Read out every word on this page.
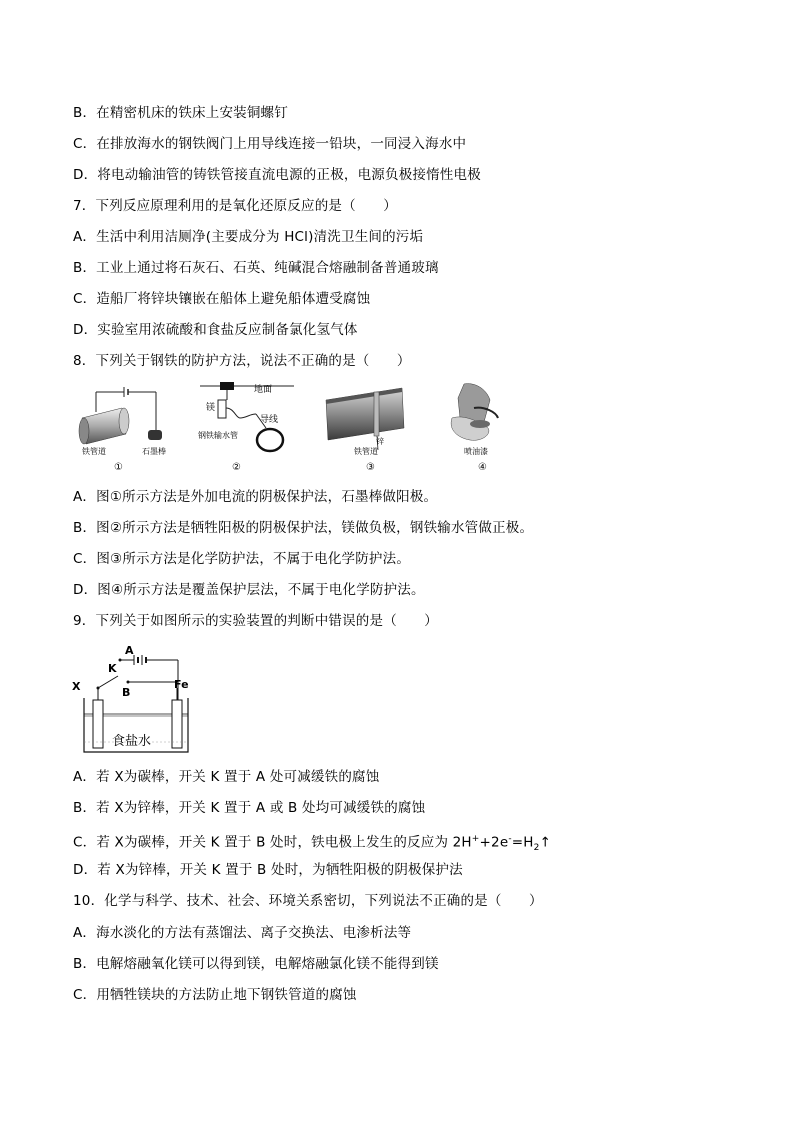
B．在精密机床的铁床上安装铜螺钉
C．在排放海水的钢铁阀门上用导线连接一铅块，一同浸入海水中
D．将电动输油管的铸铁管接直流电源的正极，电源负极接惰性电极
7．下列反应原理利用的是氧化还原反应的是（　　）
A．生活中利用洁厕净(主要成分为 HCl)清洗卫生间的污垢
B．工业上通过将石灰石、石英、纯碱混合熔融制备普通玻璃
C．造船厂将锌块镶嵌在船体上避免船体遭受腐蚀
D．实验室用浓硫酸和食盐反应制备氯化氢气体
8．下列关于钢铁的防护方法，说法不正确的是（　　）
铁管道	石墨棒
①
地面
镁
导线
钢铁输水管
②
铁管道
锌
③
喷油漆
④
A．图①所示方法是外加电流的阴极保护法，石墨棒做阳极。
B．图②所示方法是牺牲阳极的阴极保护法，镁做负极，钢铁输水管做正极。
C．图③所示方法是化学防护法，不属于电化学防护法。
D．图④所示方法是覆盖保护层法，不属于电化学防护法。
9．下列关于如图所示的实验装置的判断中错误的是（　　）
A
K
B
X	Fe
食盐水
A．若 X为碳棒，开关 K 置于 A 处可减缓铁的腐蚀
B．若 X为锌棒，开关 K 置于 A 或 B 处均可减缓铁的腐蚀
C．若 X为碳棒，开关 K 置于 B 处时，铁电极上发生的反应为 $2H^++2e^-=H_2↑$
D．若 X为锌棒，开关 K 置于 B 处时，为牺牲阳极的阴极保护法
10．化学与科学、技术、社会、环境关系密切，下列说法不正确的是（　　）
A．海水淡化的方法有蒸馏法、离子交换法、电渗析法等
B．电解熔融氧化镁可以得到镁，电解熔融氯化镁不能得到镁
C．用牺牲镁块的方法防止地下钢铁管道的腐蚀
